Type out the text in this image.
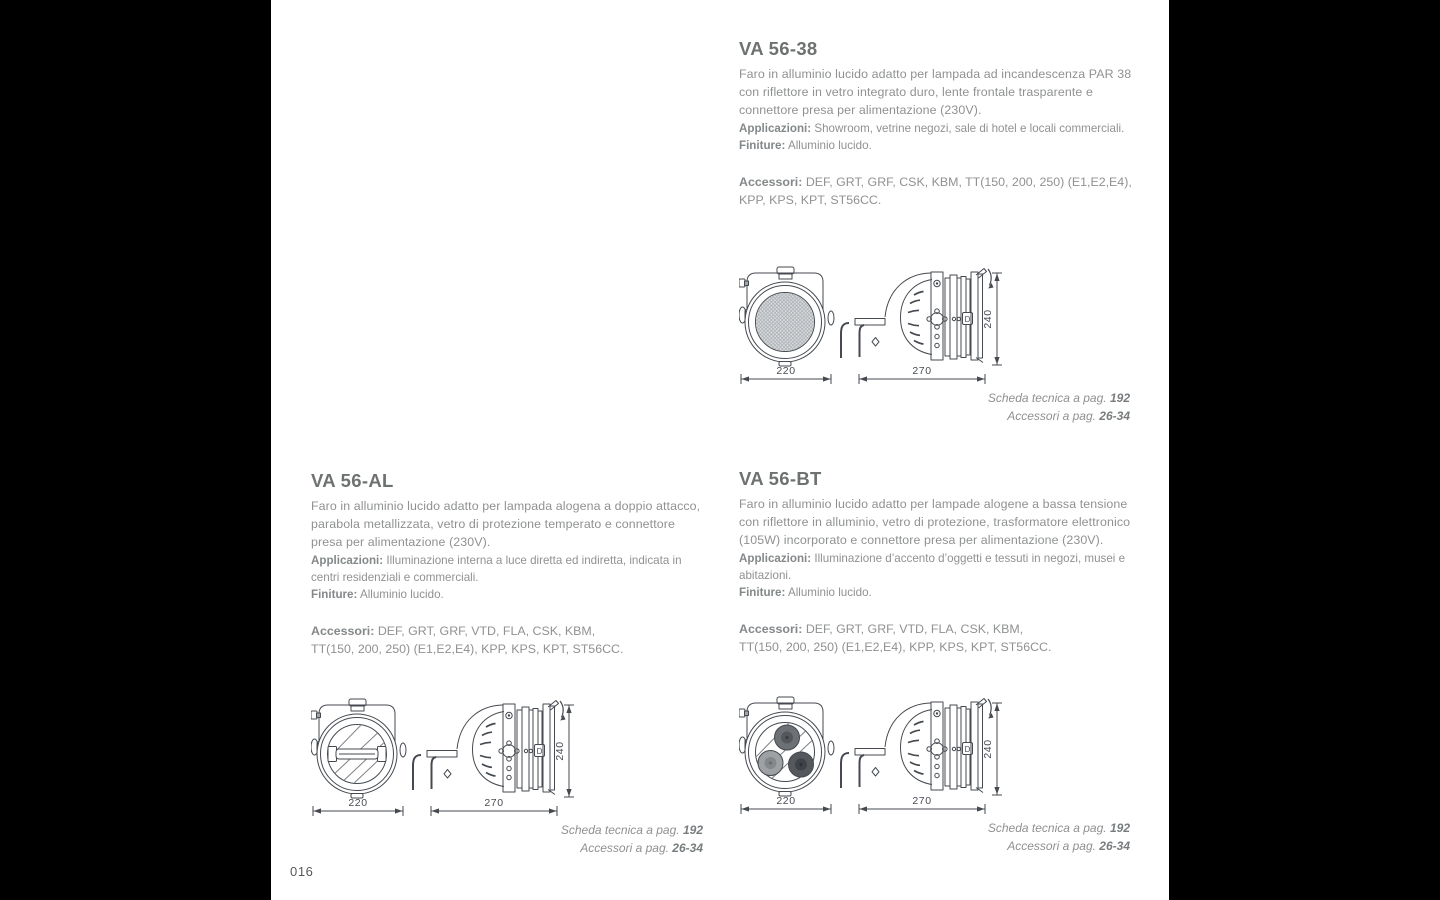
VA 56-38

Faro in alluminio lucido adatto per lampada ad incandescenza PAR 38 con riflettore in vetro integrato duro, lente frontale trasparente e connettore presa per alimentazione (230V).

Applicazioni: Showroom, vetrine negozi, sale di hotel e locali commerciali.

Finiture: Alluminio lucido.

Accessori: DEF, GRT, GRF, CSK, KBM, TT(150, 200, 250) (E1,E2,E4),
KPP, KPS, KPT, ST56CC.

D
220	270
240
Scheda tecnica a pag. 192
Accessori a pag. 26-34
VA 56-AL

Faro in alluminio lucido adatto per lampada alogena a doppio attacco, parabola metallizzata, vetro di protezione temperato e connettore presa per alimentazione (230V).

Applicazioni: Illuminazione interna a luce diretta ed indiretta, indicata in centri residenziali e commerciali.

Finiture: Alluminio lucido.

Accessori: DEF, GRT, GRF, VTD, FLA, CSK, KBM,
TT(150, 200, 250) (E1,E2,E4), KPP, KPS, KPT, ST56CC.

D
220	270
240
Scheda tecnica a pag. 192
Accessori a pag. 26-34
VA 56-BT

Faro in alluminio lucido adatto per lampade alogene a bassa tensione con riflettore in alluminio, vetro di protezione, trasformatore elettronico (105W) incorporato e connettore presa per alimentazione (230V).

Applicazioni: Illuminazione d’accento d’oggetti e tessuti in negozi, musei e abitazioni.

Finiture: Alluminio lucido.

Accessori: DEF, GRT, GRF, VTD, FLA, CSK, KBM,
TT(150, 200, 250) (E1,E2,E4), KPP, KPS, KPT, ST56CC.

D
220	270
240
Scheda tecnica a pag. 192
Accessori a pag. 26-34
016
